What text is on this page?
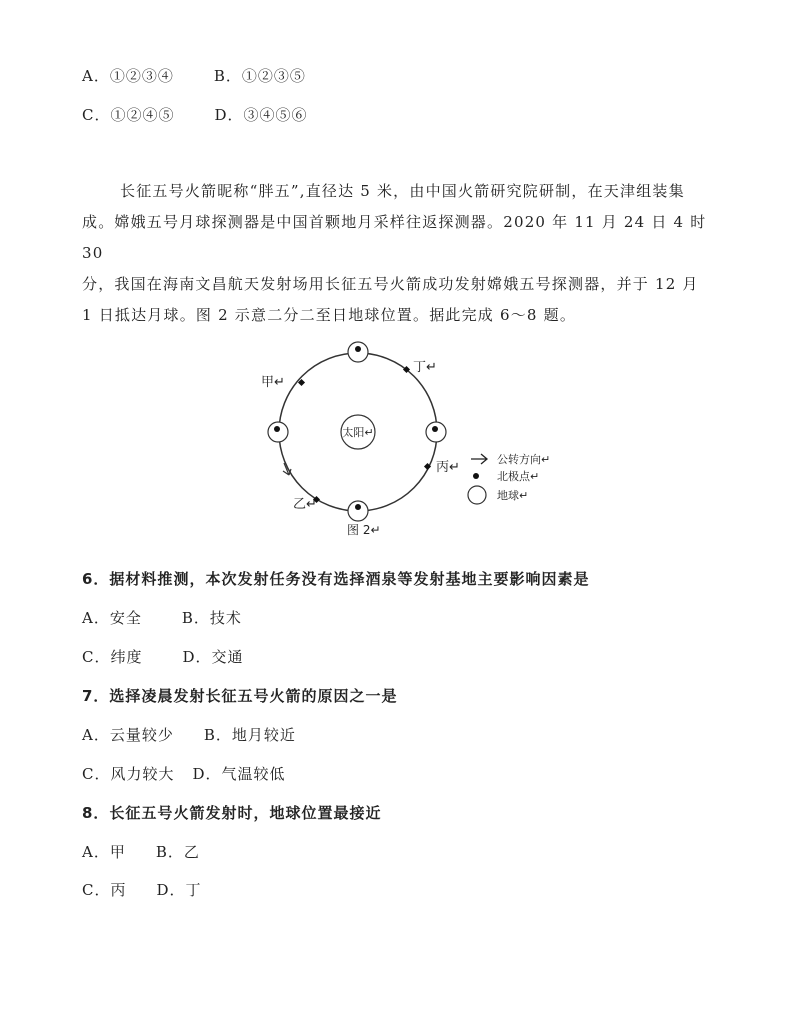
A．①②③④	B．①②③⑤
C．①②④⑤	D．③④⑤⑥

长征五号火箭昵称“胖五”,直径达 5 米，由中国火箭研究院研制，在天津组装集

成。嫦娥五号月球探测器是中国首颗地月采样往返探测器。2020 年 11 月 24 日 4 时 30

分，我国在海南文昌航天发射场用长征五号火箭成功发射嫦娥五号探测器，并于 12 月

1 日抵达月球。图 2 示意二分二至日地球位置。据此完成 6～8 题。

太阳↵
甲↵
丁↵
丙↵
乙↵
图 2↵
公转方向↵
北极点↵
地球↵
6．据材料推测，本次发射任务没有选择酒泉等发射基地主要影响因素是
A．安全	B．技术
C．纬度	D．交通
7．选择凌晨发射长征五号火箭的原因之一是
A．云量较少 B．地月较近
C．风力较大 D．气温较低
8．长征五号火箭发射时，地球位置最接近
A．甲 B．乙
C．丙 D．丁
